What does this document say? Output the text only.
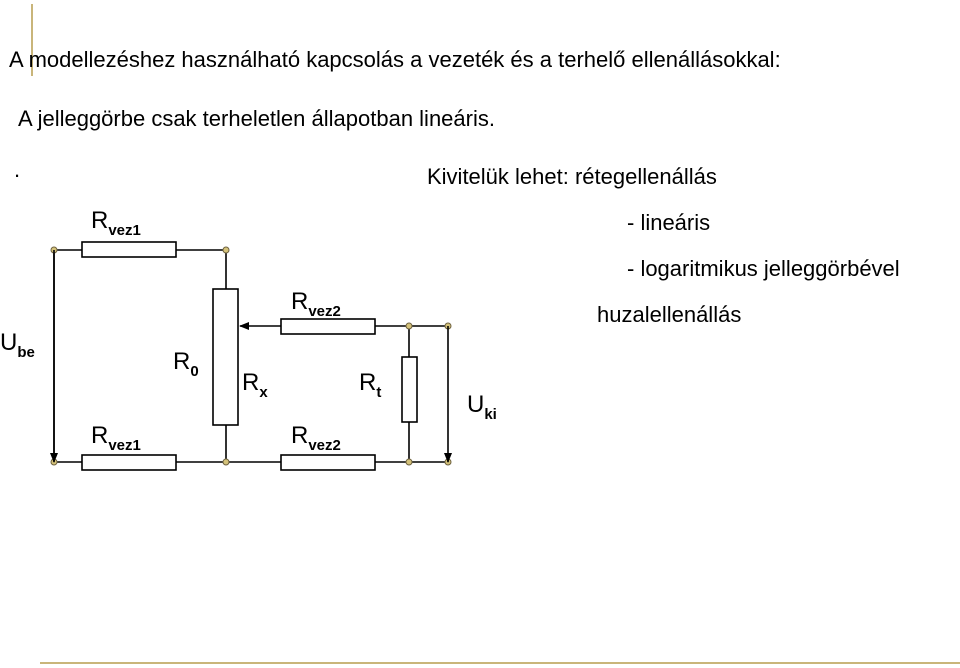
A modellezéshez használható kapcsolás a vezeték és a terhelő ellenállásokkal:
A jelleggörbe csak terheletlen állapotban lineáris.
.	Kivitelük lehet: rétegellenállás
- lineáris
- logaritmikus jelleggörbével
huzalellenállás
$R_{vez1}$
$R_{vez1}$
$R_{vez2}$
$R_{vez2}$
$R_0$ $R_x$	$R_t$
$U_{be}$
$U_{ki}$
